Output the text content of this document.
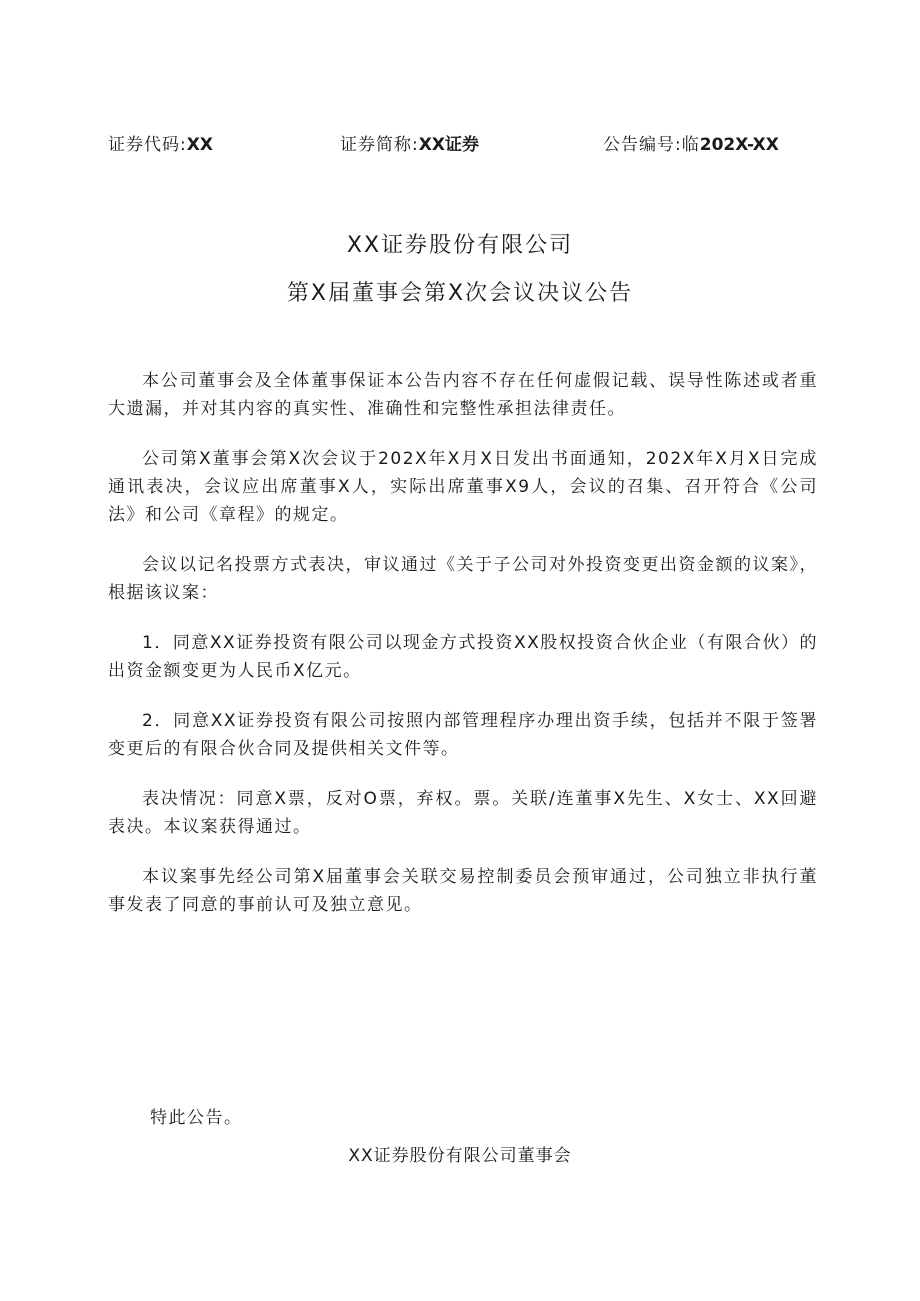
证券代码:XX	证券简称:XX证券	公告编号:临202X-XX
XX证券股份有限公司
第X届董事会第X次会议决议公告

本公司董事会及全体董事保证本公告内容不存在任何虚假记载、误导性陈述或者重大遗漏，并对其内容的真实性、准确性和完整性承担法律责任。

公司第X董事会第X次会议于202X年X月X日发出书面通知，202X年X月X日完成通讯表决，会议应出席董事X人，实际出席董事X9人，会议的召集、召开符合《公司法》和公司《章程》的规定。

会议以记名投票方式表决，审议通过《关于子公司对外投资变更出资金额的议案》，根据该议案：

1．同意XX证券投资有限公司以现金方式投资XX股权投资合伙企业（有限合伙）的出资金额变更为人民币X亿元。

2．同意XX证券投资有限公司按照内部管理程序办理出资手续，包括并不限于签署变更后的有限合伙合同及提供相关文件等。

表决情况：同意X票，反对O票，弃权。票。关联/连董事X先生、X女士、XX回避表决。本议案获得通过。

本议案事先经公司第X届董事会关联交易控制委员会预审通过，公司独立非执行董事发表了同意的事前认可及独立意见。

特此公告。
XX证券股份有限公司董事会
